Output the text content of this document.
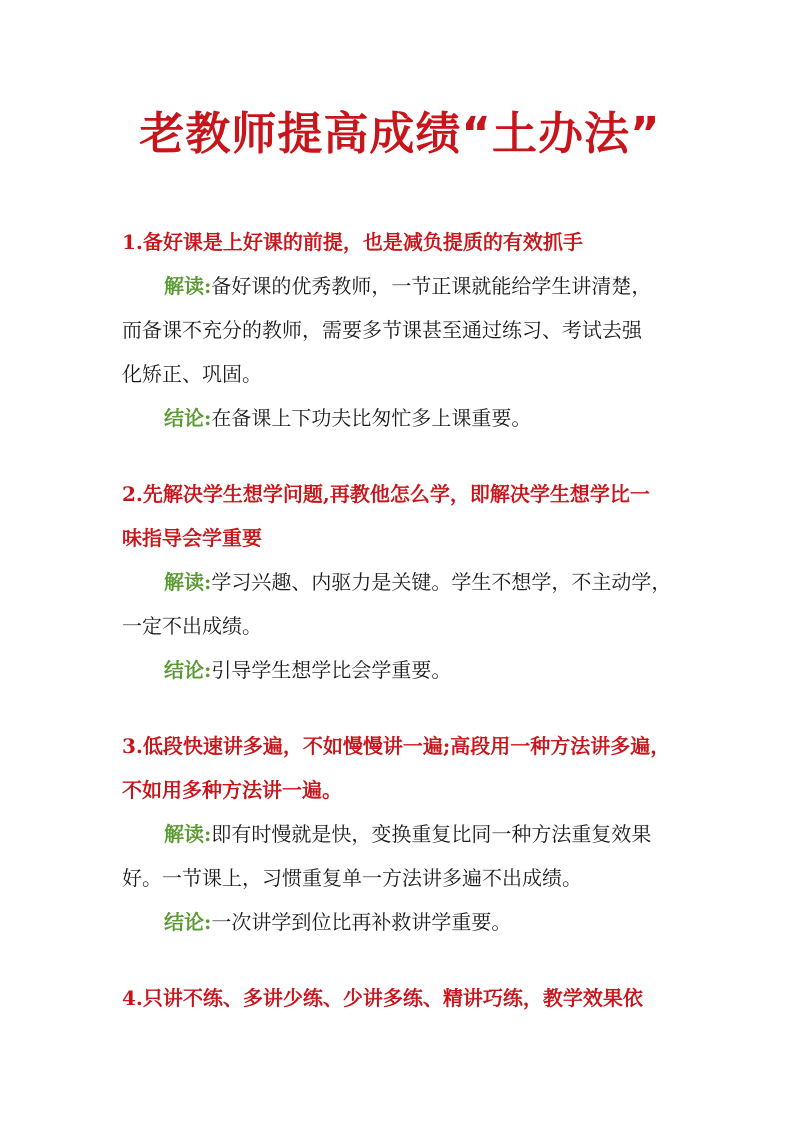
老教师提高成绩“土办法”
1.备好课是上好课的前提，也是减负提质的有效抓手
解读:备好课的优秀教师，一节正课就能给学生讲清楚，
而备课不充分的教师，需要多节课甚至通过练习、考试去强
化矫正、巩固。
结论:在备课上下功夫比匆忙多上课重要。
2.先解决学生想学问题,再教他怎么学，即解决学生想学比一
味指导会学重要
解读:学习兴趣、内驱力是关键。学生不想学，不主动学，
一定不出成绩。
结论:引导学生想学比会学重要。
3.低段快速讲多遍，不如慢慢讲一遍;高段用一种方法讲多遍，
不如用多种方法讲一遍。
解读:即有时慢就是快，变换重复比同一种方法重复效果
好。一节课上，习惯重复单一方法讲多遍不出成绩。
结论:一次讲学到位比再补救讲学重要。
4.只讲不练、多讲少练、少讲多练、精讲巧练，教学效果依
